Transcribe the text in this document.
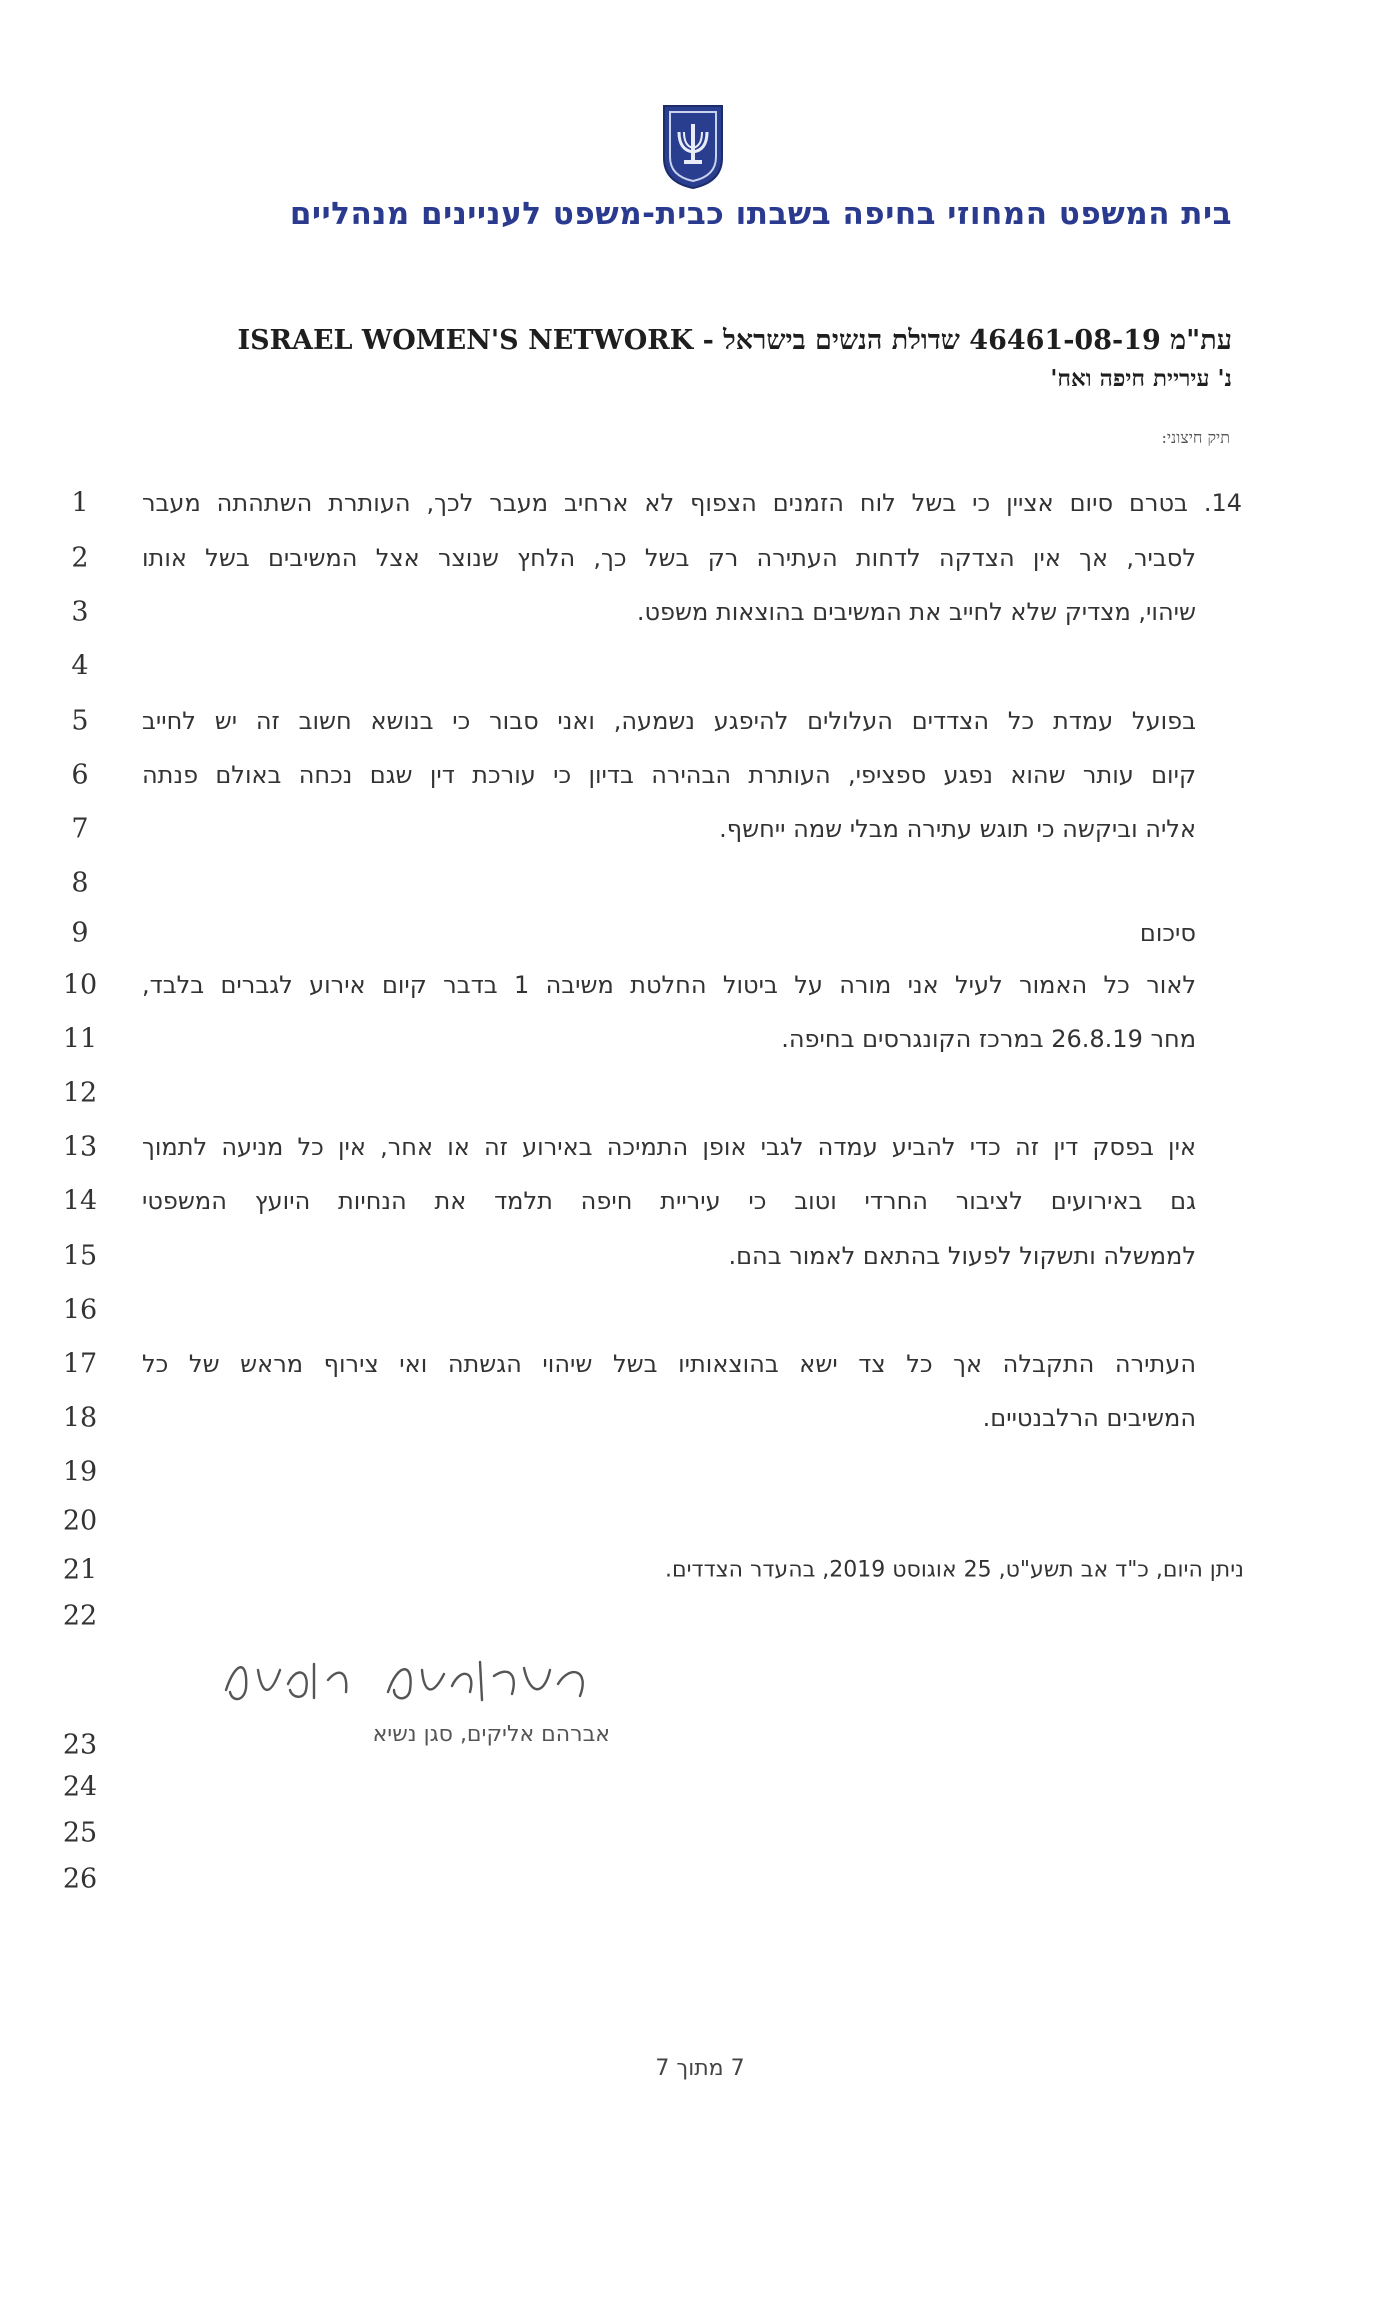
בית המשפט המחוזי בחיפה בשבתו כבית-משפט לעניינים מנהליים
עת"מ 46461-08-19 שדולת הנשים בישראל - ISRAEL WOMEN'S NETWORK
נ' עיריית חיפה ואח'
תיק חיצוני:
1
2
3
4
5
6
7
8
9
10
11
12
13
14
15
16
17
18
19
20
21
22
23
24
25
26
14. בטרם סיום אציין כי בשל לוח הזמנים הצפוף לא ארחיב מעבר לכך, העותרת השתהתה מעבר
לסביר, אך אין הצדקה לדחות העתירה רק בשל כך, הלחץ שנוצר אצל המשיבים בשל אותו
שיהוי, מצדיק שלא לחייב את המשיבים בהוצאות משפט.
בפועל עמדת כל הצדדים העלולים להיפגע נשמעה, ואני סבור כי בנושא חשוב זה יש לחייב
קיום עותר שהוא נפגע ספציפי, העותרת הבהירה בדיון כי עורכת דין שגם נכחה באולם פנתה
אליה וביקשה כי תוגש עתירה מבלי שמה ייחשף.
סיכום
לאור כל האמור לעיל אני מורה על ביטול החלטת משיבה 1 בדבר קיום אירוע לגברים בלבד,
מחר 26.8.19 במרכז הקונגרסים בחיפה.
אין בפסק דין זה כדי להביע עמדה לגבי אופן התמיכה באירוע זה או אחר, אין כל מניעה לתמוך
גם באירועים לציבור החרדי וטוב כי עיריית חיפה תלמד את הנחיות היועץ המשפטי
לממשלה ותשקול לפעול בהתאם לאמור בהם.
העתירה התקבלה אך כל צד ישא בהוצאותיו בשל שיהוי הגשתה ואי צירוף מראש של כל
המשיבים הרלבנטיים.
ניתן היום, כ"ד אב תשע"ט, 25 אוגוסט 2019, בהעדר הצדדים.
אברהם אליקים
אברהם אליקים, סגן נשיא
7 מתוך 7
